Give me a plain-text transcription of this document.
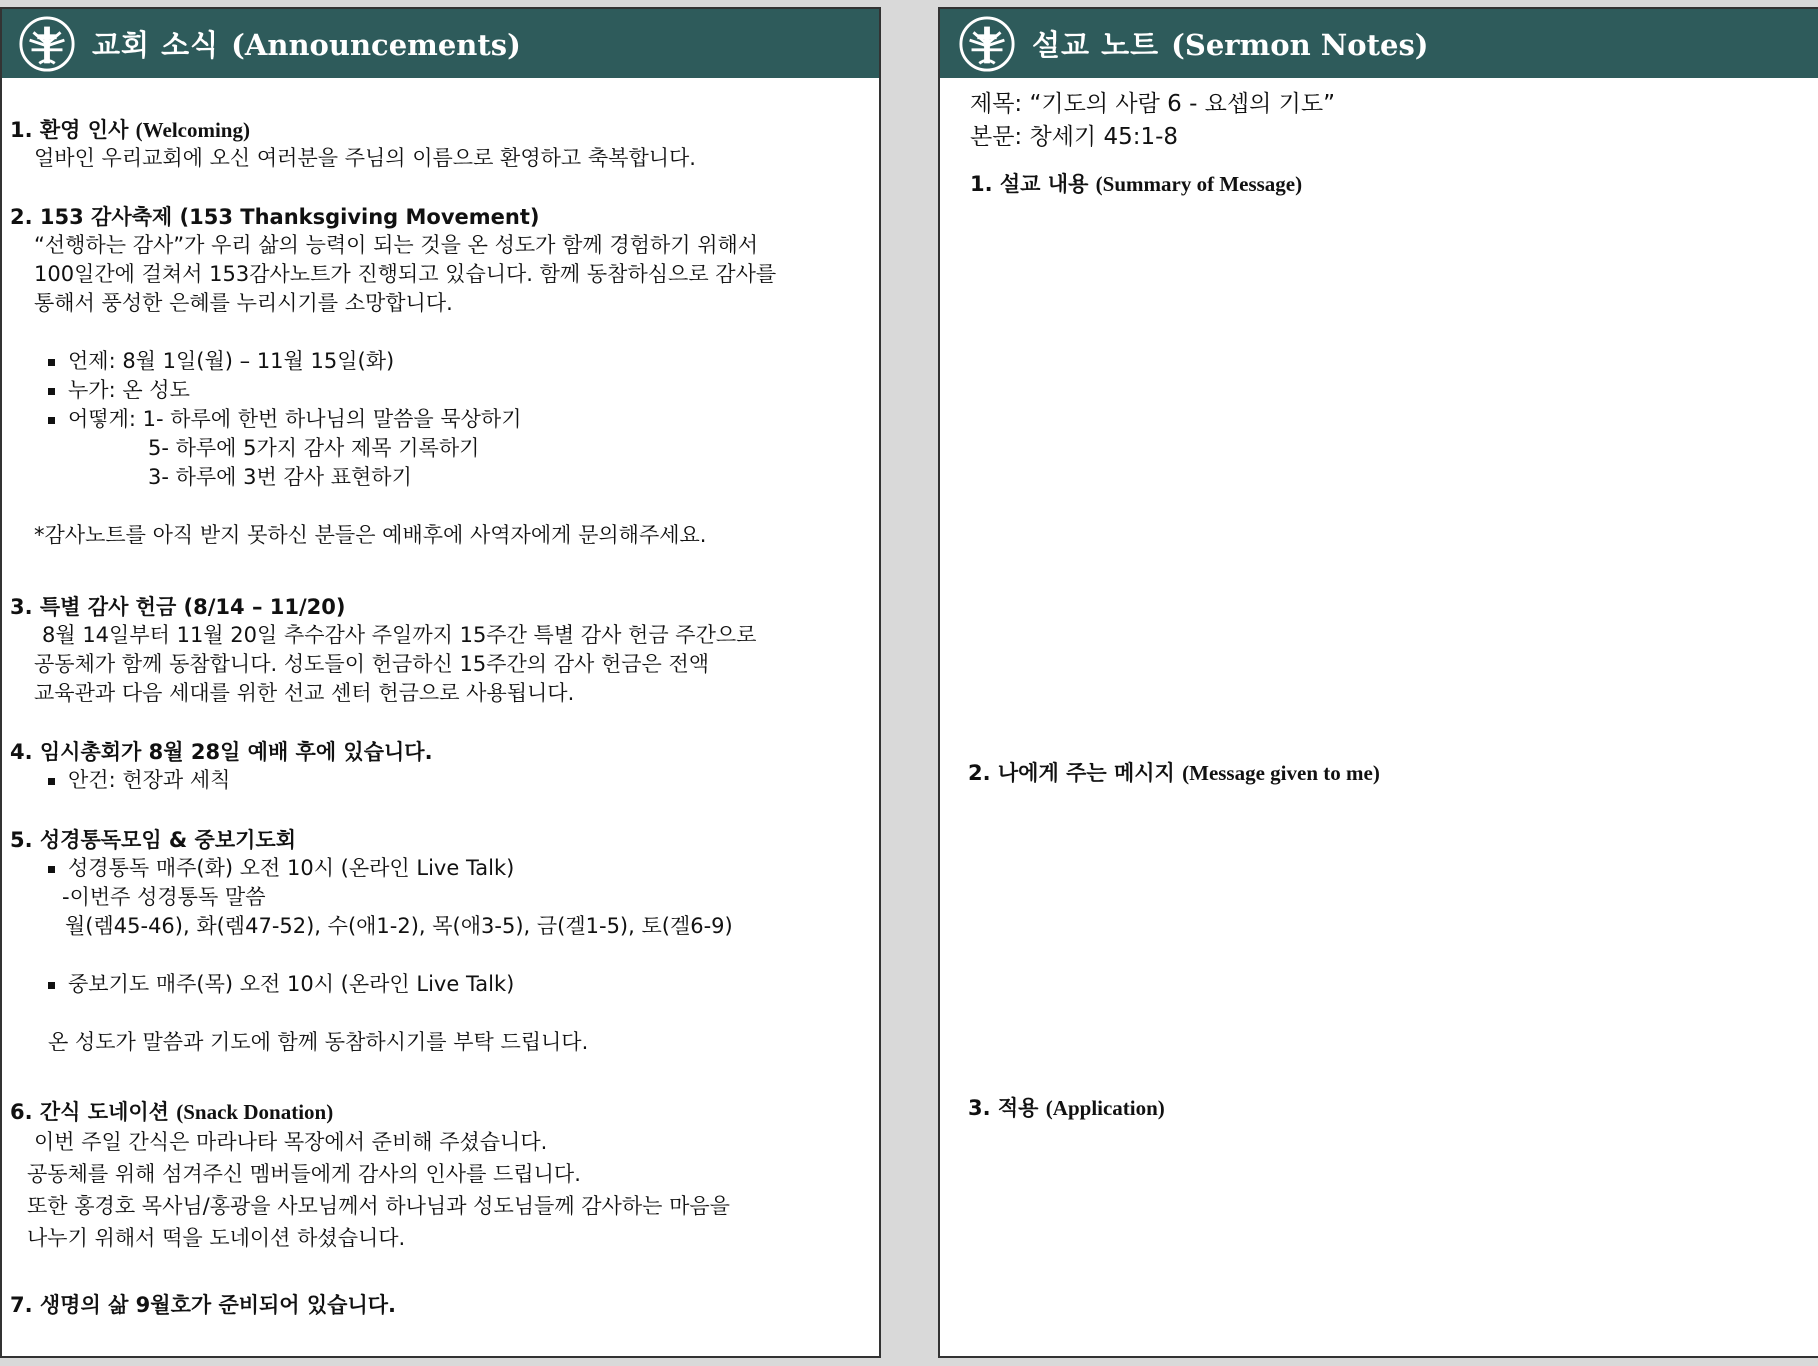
교회 소식 (Announcements)
1. 환영 인사 (Welcoming)
얼바인 우리교회에 오신 여러분을 주님의 이름으로 환영하고 축복합니다.
2. 153 감사축제 (153 Thanksgiving Movement)
“선행하는 감사”가 우리 삶의 능력이 되는 것을 온 성도가 함께 경험하기 위해서
100일간에 걸쳐서 153감사노트가 진행되고 있습니다. 함께 동참하심으로 감사를
통해서 풍성한 은혜를 누리시기를 소망합니다.
언제: 8월 1일(월) – 11월 15일(화)
누가: 온 성도
어떻게: 1- 하루에 한번 하나님의 말씀을 묵상하기
5- 하루에 5가지 감사 제목 기록하기
3- 하루에 3번 감사 표현하기
*감사노트를 아직 받지 못하신 분들은 예배후에 사역자에게 문의해주세요.
3. 특별 감사 헌금 (8/14 – 11/20)
8월 14일부터 11월 20일 추수감사 주일까지 15주간 특별 감사 헌금 주간으로
공동체가 함께 동참합니다. 성도들이 헌금하신 15주간의 감사 헌금은 전액
교육관과 다음 세대를 위한 선교 센터 헌금으로 사용됩니다.
4. 임시총회가 8월 28일 예배 후에 있습니다.
안건: 헌장과 세칙
5. 성경통독모임 & 중보기도회
성경통독 매주(화) 오전 10시 (온라인 Live Talk)
-이번주 성경통독 말씀
월(렘45-46), 화(렘47-52), 수(애1-2), 목(애3-5), 금(겔1-5), 토(겔6-9)
중보기도 매주(목) 오전 10시 (온라인 Live Talk)
온 성도가 말씀과 기도에 함께 동참하시기를 부탁 드립니다.
6. 간식 도네이션 (Snack Donation)
이번 주일 간식은 마라나타 목장에서 준비해 주셨습니다.
공동체를 위해 섬겨주신 멤버들에게 감사의 인사를 드립니다.
또한 홍경호 목사님/홍광을 사모님께서 하나님과 성도님들께 감사하는 마음을
나누기 위해서 떡을 도네이션 하셨습니다.
7. 생명의 삶 9월호가 준비되어 있습니다.
설교 노트 (Sermon Notes)
제목: “기도의 사람 6 - 요셉의 기도”
본문: 창세기 45:1-8
1. 설교 내용 (Summary of Message)
2. 나에게 주는 메시지 (Message given to me)
3. 적용 (Application)
